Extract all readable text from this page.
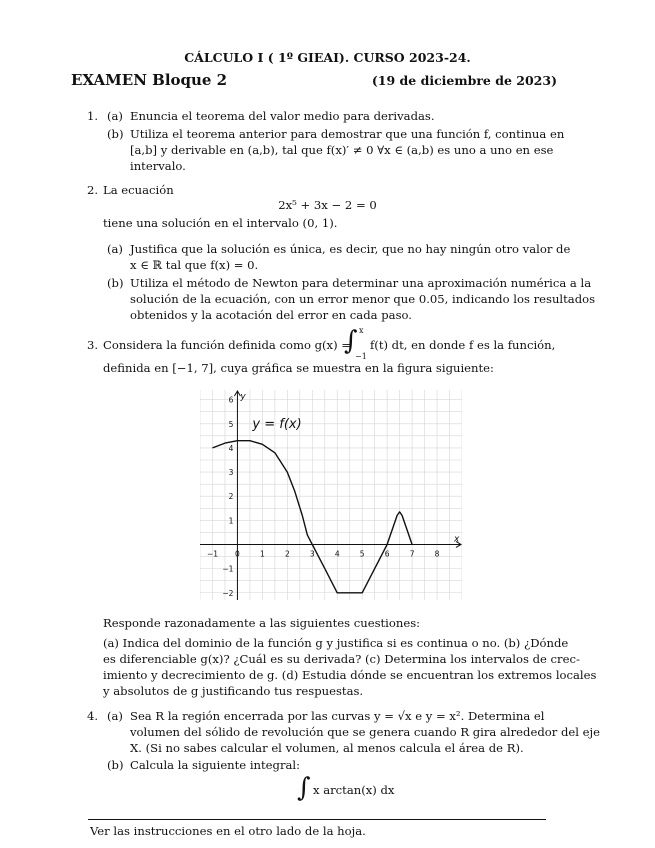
CÁLCULO I ( 1º GIEAI). CURSO 2023-24.
EXAMEN Bloque 2	(19 de diciembre de 2023)
1. (a) Enuncia el teorema del valor medio para derivadas.
(b) Utiliza el teorema anterior para demostrar que una función f, continua en
[a,b] y derivable en (a,b), tal que f(x)′ ≠ 0 ∀x ∈ (a,b) es uno a uno en ese
intervalo.
2. La ecuación
2x⁵ + 3x − 2 = 0
tiene una solución en el intervalo (0, 1).
(a) Justifica que la solución es única, es decir, que no hay ningún otro valor de
x ∈ ℝ tal que f(x) = 0.
(b) Utiliza el método de Newton para determinar una aproximación numérica a la
solución de la ecuación, con un error menor que 0.05, indicando los resultados
obtenidos y la acotación del error en cada paso.
3. Considera la función definida como g(x) =
∫ x
−1
f(t) dt, en donde f es la función,
definida en [−1, 7], cuya gráfica se muestra en la figura siguiente:
−1 0	1	2	3	4	5	6	7	8
6
5
4
3
2
1
−1
−2
x
y
y = f(x)
Responde razonadamente a las siguientes cuestiones:
(a) Indica del dominio de la función g y justifica si es continua o no. (b) ¿Dónde
es diferenciable g(x)? ¿Cuál es su derivada? (c) Determina los intervalos de crec-
imiento y decrecimiento de g. (d) Estudia dónde se encuentran los extremos locales
y absolutos de g justificando tus respuestas.
4. (a) Sea R la región encerrada por las curvas y = √x e y = x². Determina el
volumen del sólido de revolución que se genera cuando R gira alrededor del eje
X. (Si no sabes calcular el volumen, al menos calcula el área de R).
(b) Calcula la siguiente integral:
∫ x arctan(x) dx
Ver las instrucciones en el otro lado de la hoja.
